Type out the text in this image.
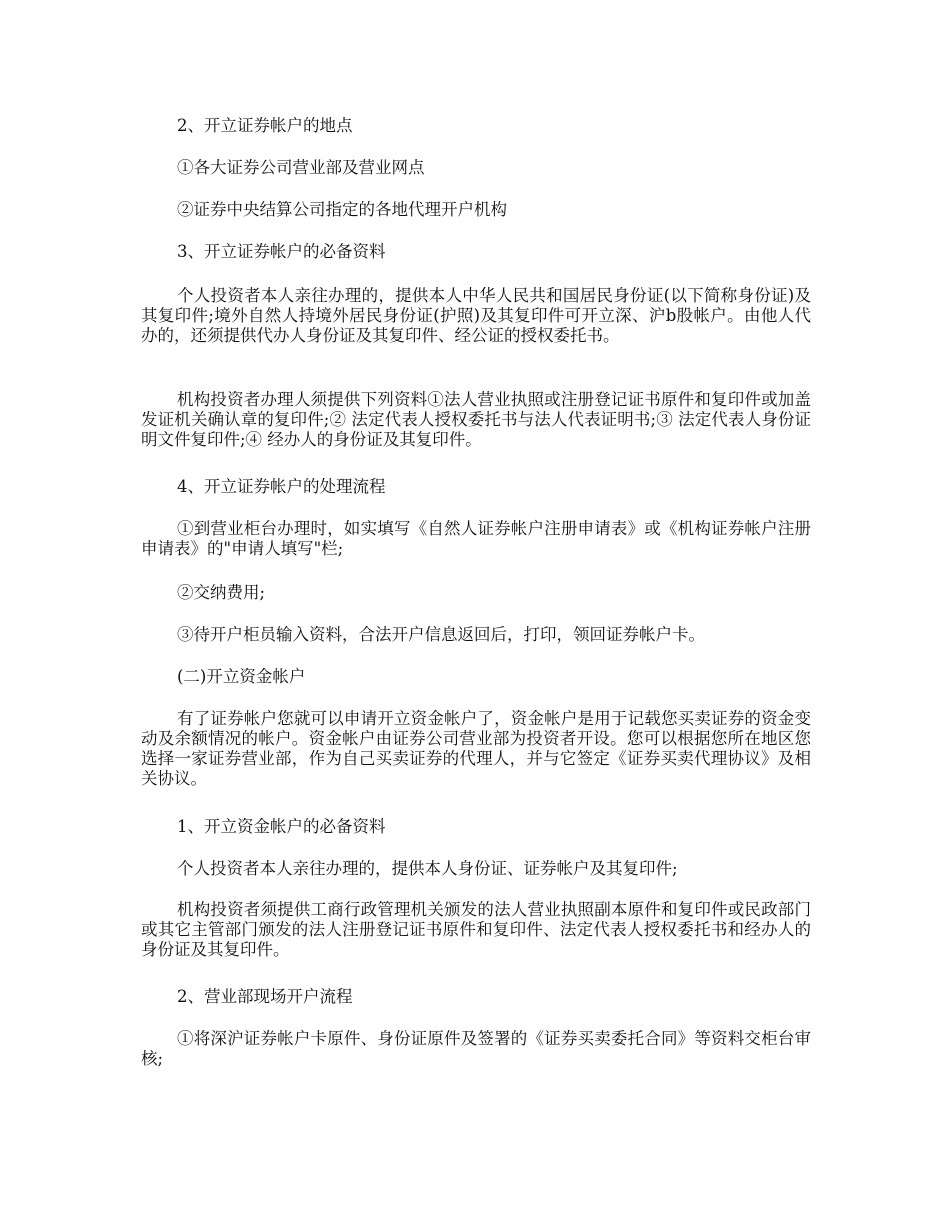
2、开立证券帐户的地点

①各大证券公司营业部及营业网点

②证券中央结算公司指定的各地代理开户机构

3、开立证券帐户的必备资料

个人投资者本人亲往办理的，提供本人中华人民共和国居民身份证(以下简称身份证)及其复印件;境外自然人持境外居民身份证(护照)及其复印件可开立深、沪b股帐户。由他人代办的，还须提供代办人身份证及其复印件、经公证的授权委托书。

机构投资者办理人须提供下列资料①法人营业执照或注册登记证书原件和复印件或加盖发证机关确认章的复印件;② 法定代表人授权委托书与法人代表证明书;③ 法定代表人身份证明文件复印件;④ 经办人的身份证及其复印件。

4、开立证券帐户的处理流程

①到营业柜台办理时，如实填写《自然人证券帐户注册申请表》或《机构证券帐户注册申请表》的"申请人填写"栏;

②交纳费用;

③待开户柜员输入资料，合法开户信息返回后，打印，领回证券帐户卡。

(二)开立资金帐户

有了证券帐户您就可以申请开立资金帐户了，资金帐户是用于记载您买卖证券的资金变动及余额情况的帐户。资金帐户由证券公司营业部为投资者开设。您可以根据您所在地区您选择一家证券营业部，作为自己买卖证券的代理人，并与它签定《证券买卖代理协议》及相关协议。

1、开立资金帐户的必备资料

个人投资者本人亲往办理的，提供本人身份证、证券帐户及其复印件;

机构投资者须提供工商行政管理机关颁发的法人营业执照副本原件和复印件或民政部门或其它主管部门颁发的法人注册登记证书原件和复印件、法定代表人授权委托书和经办人的身份证及其复印件。

2、营业部现场开户流程

①将深沪证券帐户卡原件、身份证原件及签署的《证券买卖委托合同》等资料交柜台审核;
